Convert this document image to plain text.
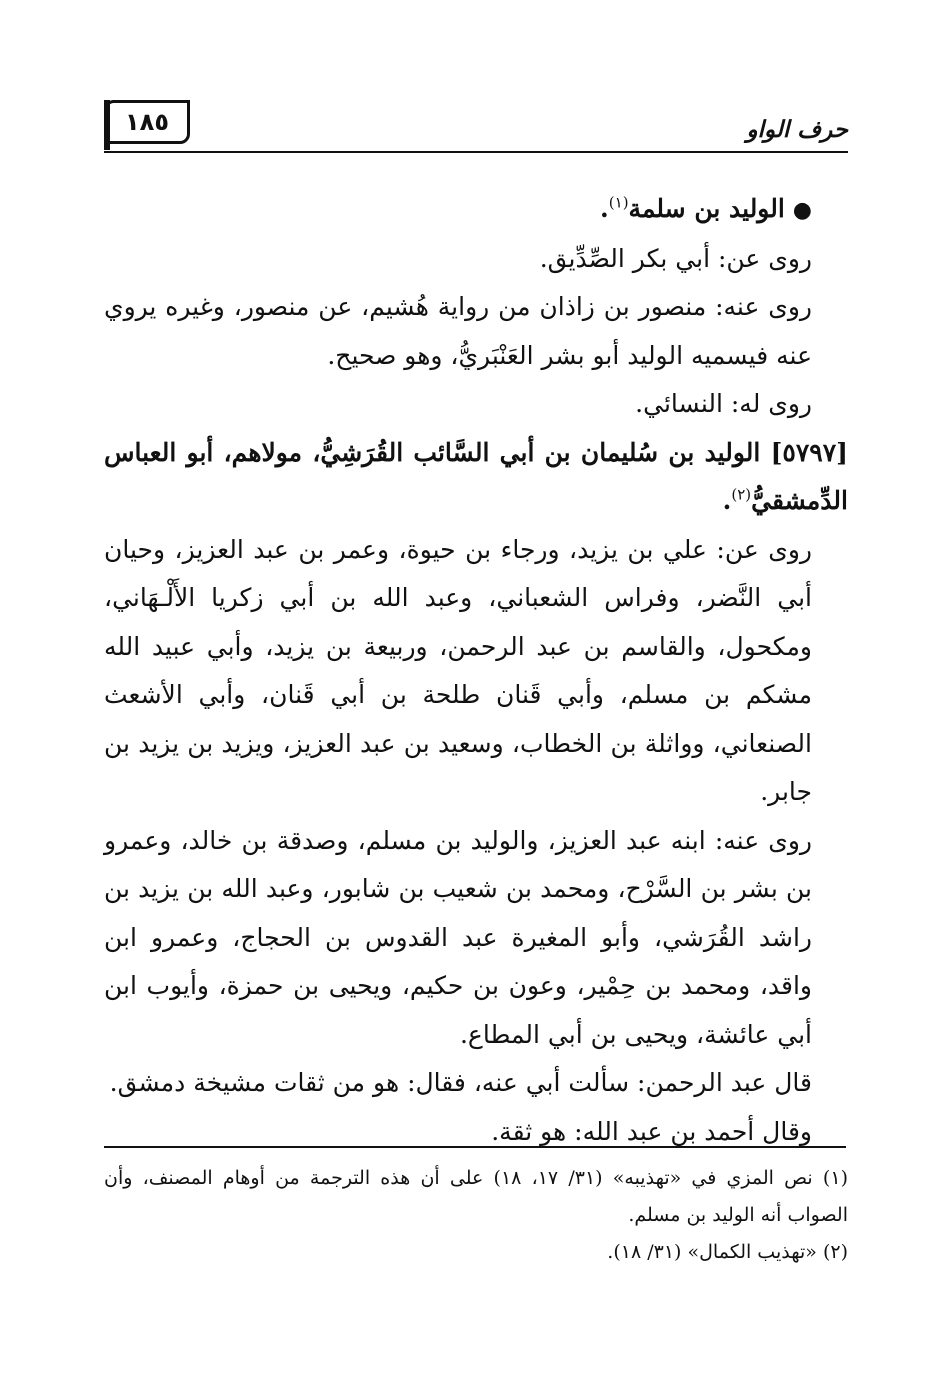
١٨٥	حرف الواو

●الوليد بن سلمة$^{(١)}$.

روى عن: أبي بكر الصِّدِّيق.

روى عنه: منصور بن زاذان من رواية هُشيم، عن منصور، وغيره يروي عنه فيسميه الوليد أبو بشر العَنْبَريُّ، وهو صحيح.

روى له: النسائي.

[٥٧٩٧] الوليد بن سُليمان بن أبي السَّائب القُرَشِيُّ، مولاهم، أبو العباس الدِّمشقيُّ$^{(٢)}$.

روى عن: علي بن يزيد، ورجاء بن حيوة، وعمر بن عبد العزيز، وحيان أبي النَّضر، وفراس الشعباني، وعبد الله بن أبي زكريا الأَلْـهَاني، ومكحول، والقاسم بن عبد الرحمن، وربيعة بن يزيد، وأبي عبيد الله مشكم بن مسلم، وأبي قَنان طلحة بن أبي قَنان، وأبي الأشعث الصنعاني، وواثلة بن الخطاب، وسعيد بن عبد العزيز، ويزيد بن يزيد بن جابر.

روى عنه: ابنه عبد العزيز، والوليد بن مسلم، وصدقة بن خالد، وعمرو بن بشر بن السَّرْح، ومحمد بن شعيب بن شابور، وعبد الله بن يزيد بن راشد القُرَشي، وأبو المغيرة عبد القدوس بن الحجاج، وعمرو ابن واقد، ومحمد بن حِمْير، وعون بن حكيم، ويحيى بن حمزة، وأيوب ابن أبي عائشة، ويحيى بن أبي المطاع.

قال عبد الرحمن: سألت أبي عنه، فقال: هو من ثقات مشيخة دمشق.

وقال أحمد بن عبد الله: هو ثقة.

(١) نص المزي في «تهذيبه» (٣١/ ١٧، ١٨) على أن هذه الترجمة من أوهام المصنف، وأن الصواب أنه الوليد بن مسلم.

(٢) «تهذيب الكمال» (٣١/ ١٨).
